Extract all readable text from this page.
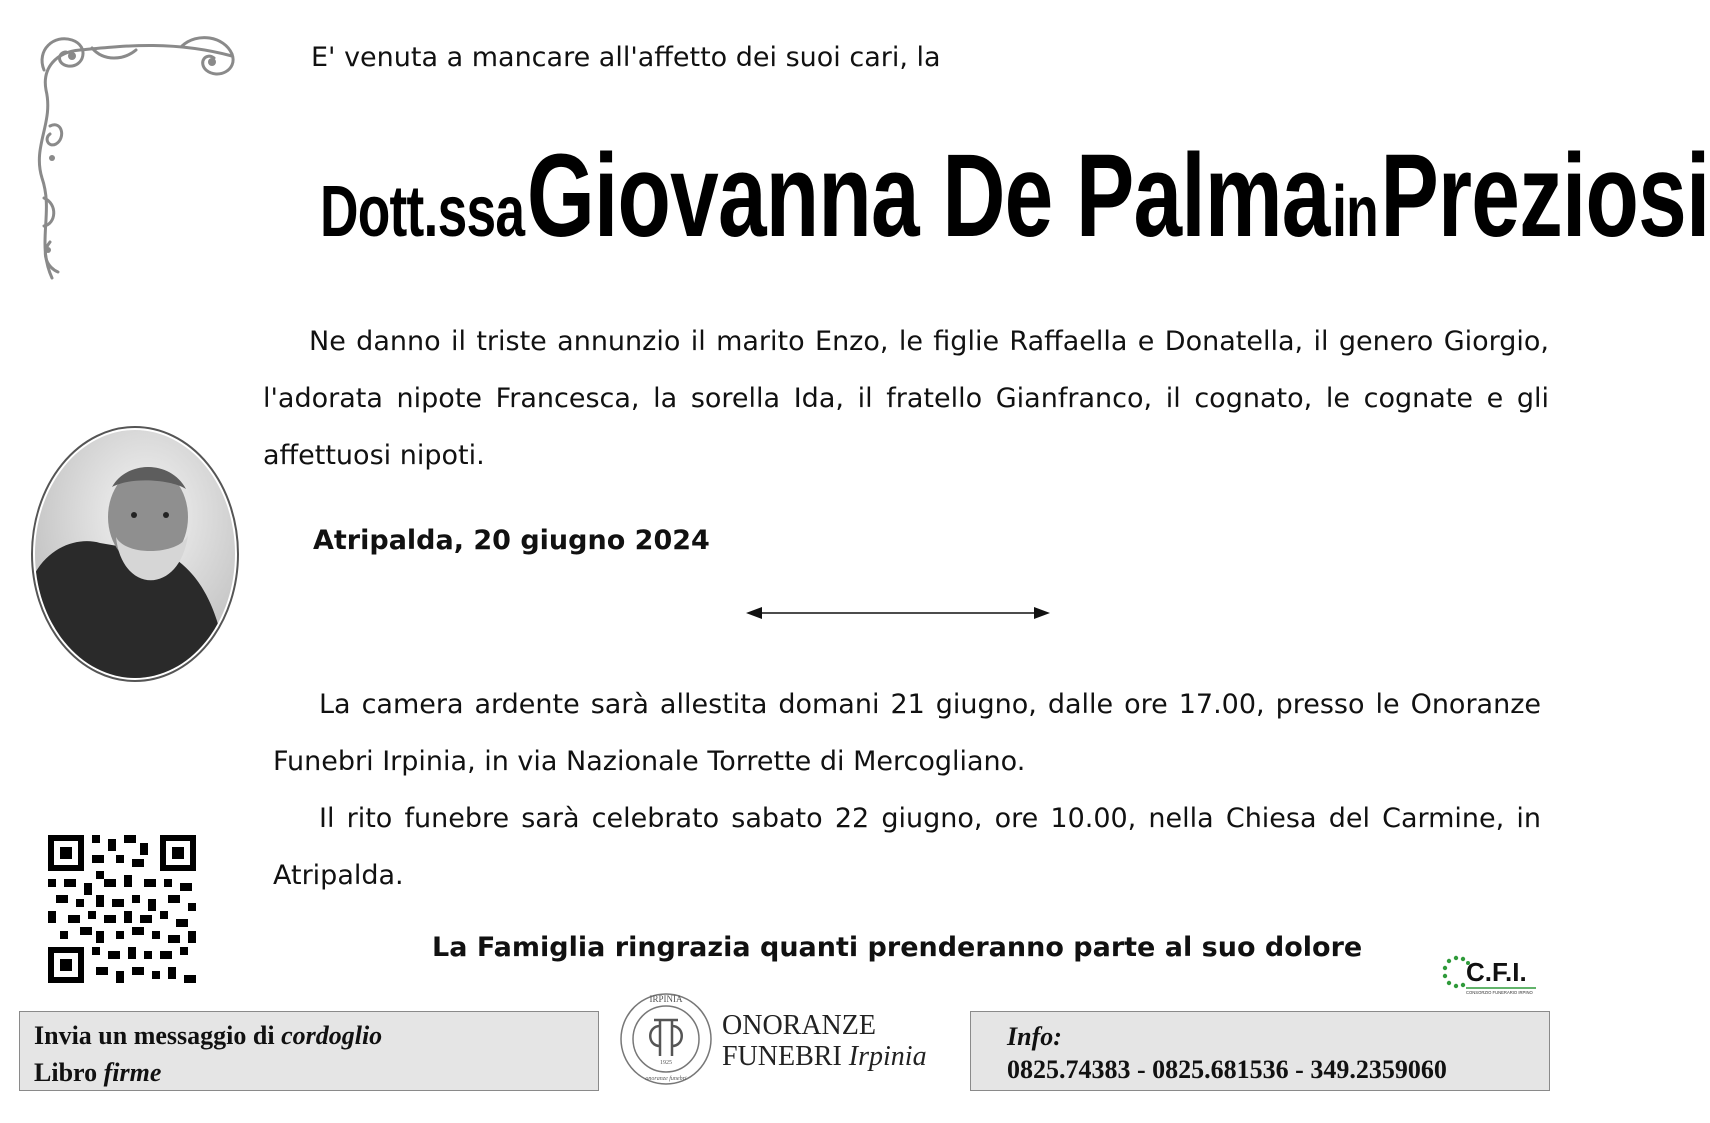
E' venuta a mancare all'affetto dei suoi cari, la
Dott.ssa Giovanna De Palma in Preziosi
Ne danno il triste annunzio il marito Enzo, le figlie Raffaella e Donatella, il genero Giorgio, l'adorata nipote Francesca, la sorella Ida, il fratello Gianfranco, il cognato, le cognate e gli affettuosi nipoti.
Atripalda, 20 giugno 2024
La camera ardente sarà allestita domani 21 giugno, dalle ore 17.00, presso le Onoranze Funebri Irpinia, in via Nazionale Torrette di Mercogliano.
Il rito funebre sarà celebrato sabato 22 giugno, ore 10.00, nella Chiesa del Carmine, in Atripalda.
La Famiglia ringrazia quanti prenderanno parte al suo dolore
C.F.I.
CONSORZIO FUNERARIO IRPINO
Invia un messaggio di cordoglio
Libro firme
IRPINIA
1925
onoranze funebri
ONORANZE
FUNEBRI Irpinia
Info:
0825.74383 - 0825.681536 - 349.2359060
